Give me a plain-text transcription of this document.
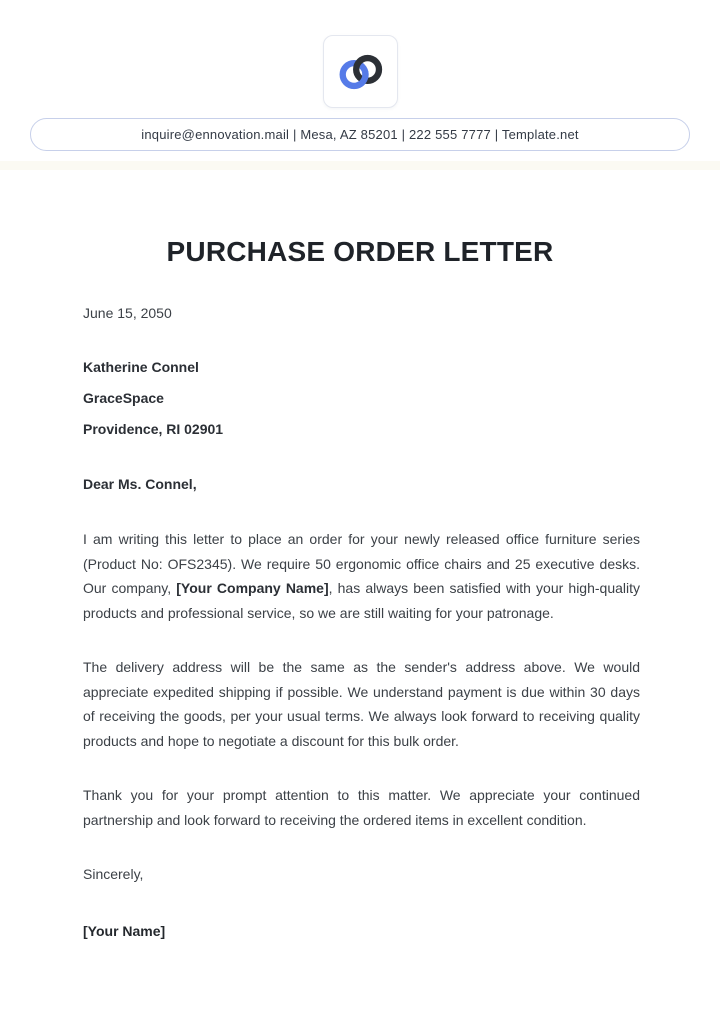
inquire@ennovation.mail | Mesa, AZ 85201 | 222 555 7777 | Template.net
PURCHASE ORDER LETTER

June 15, 2050

Katherine Connel

GraceSpace

Providence, RI 02901

Dear Ms. Connel,

I am writing this letter to place an order for your newly released office furniture series (Product No: OFS2345). We require 50 ergonomic office chairs and 25 executive desks. Our company, [Your Company Name], has always been satisfied with your high-quality products and professional service, so we are still waiting for your patronage.

The delivery address will be the same as the sender's address above. We would appreciate expedited shipping if possible. We understand payment is due within 30 days of receiving the goods, per your usual terms. We always look forward to receiving quality products and hope to negotiate a discount for this bulk order.

Thank you for your prompt attention to this matter. We appreciate your continued partnership and look forward to receiving the ordered items in excellent condition.

Sincerely,

[Your Name]
